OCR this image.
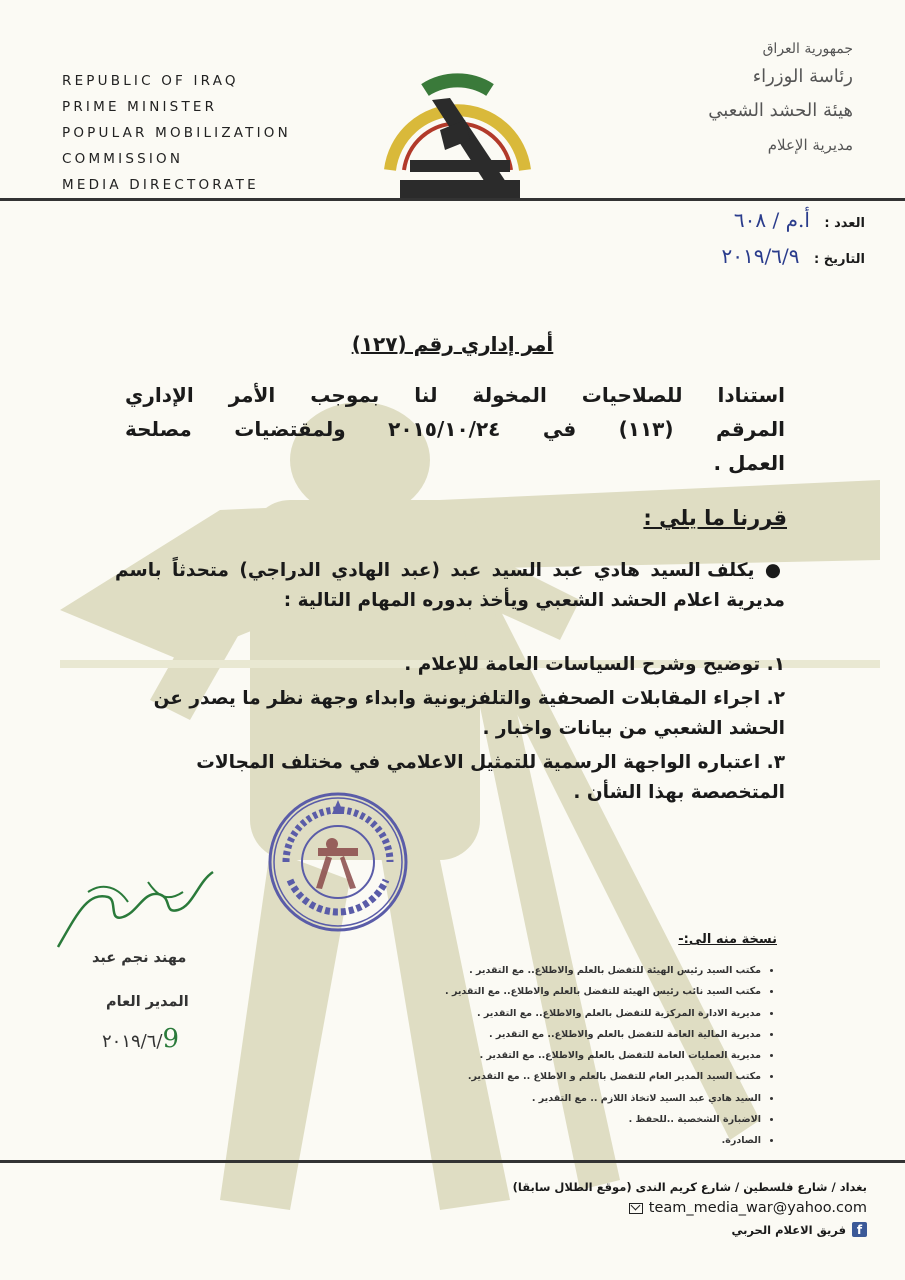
REPUBLIC OF IRAQ
PRIME MINISTER
POPULAR MOBILIZATION
COMMISSION
MEDIA DIRECTORATE
جمهورية العراق
رئاسة الوزراء
هيئة الحشد الشعبي
مديرية الإعلام
العدد : أ.م / ٦٠٨
التاريخ : ٢٠١٩/٦/٩
أمر إداري رقم (١٢٧)
استنادا للصلاحيات المخولة لنا بموجب الأمر الإداري
المرقم (١١٣) في ٢٠١٥/١٠/٢٤ ولمقتضيات مصلحة
العمل .
قررنا ما يلي :
● يكلف السيد هادي عبد السيد عبد (عبد الهادي الدراجي) متحدثاً باسم مديرية اعلام الحشد الشعبي ويأخذ بدوره المهام التالية :
١. توضيح وشرح السياسات العامة للإعلام .
٢. اجراء المقابلات الصحفية والتلفزيونية وابداء وجهة نظر ما يصدر عن الحشد الشعبي من بيانات واخبار .
٣. اعتباره الواجهة الرسمية للتمثيل الاعلامي في مختلف المجالات المتخصصة بهذا الشأن .
مهند نجم عبد
المدير العام
٢٠١٩/٦/9
نسخة منه الى:-
• مكتب السيد رئيس الهيئة للتفضل بالعلم والاطلاع.. مع التقدير .
• مكتب السيد نائب رئيس الهيئة للتفضل بالعلم والاطلاع.. مع التقدير .
• مديرية الادارة المركزية للتفضل بالعلم والاطلاع.. مع التقدير .
• مديرية المالية العامة للتفضل بالعلم والاطلاع.. مع التقدير .
• مديرية العمليات العامة للتفضل بالعلم والاطلاع.. مع التقدير .
• مكتب السيد المدير العام للتفضل بالعلم و الاطلاع .. مع التقدير.
• السيد هادي عبد السيد لاتخاذ اللازم .. مع التقدير .
• الاضبارة الشخصية ..للحفظ .
• الصادرة.
بغداد / شارع فلسطين / شارع كريم الندى (موقع الطلال سابقا)
team_media_war@yahoo.com
f
فريق الاعلام الحربي
